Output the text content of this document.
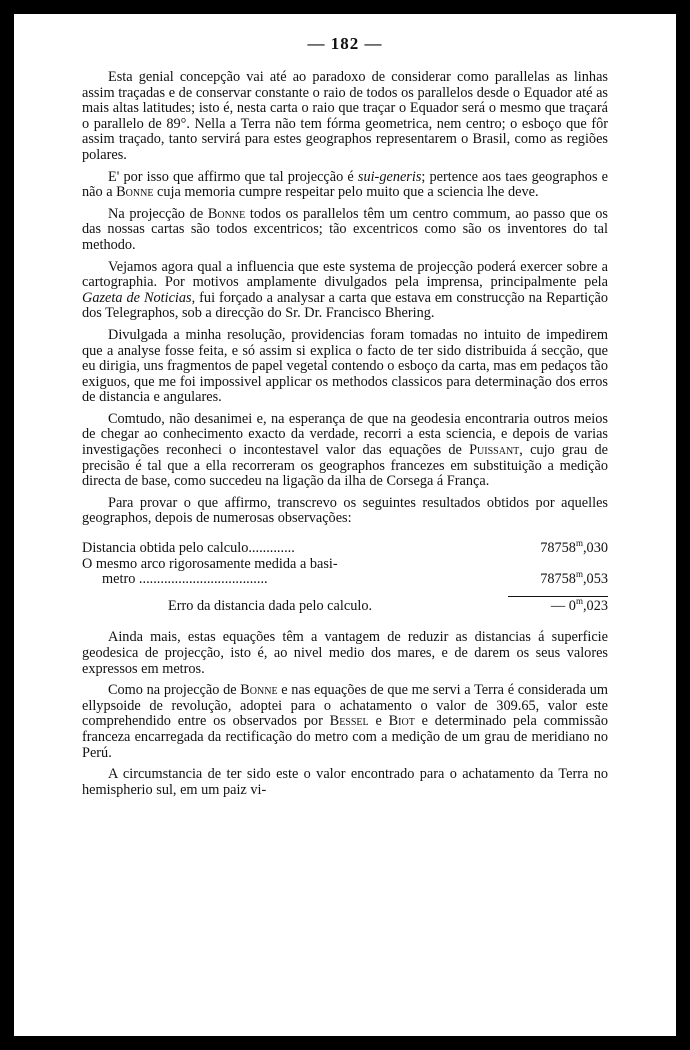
— 182 —

Esta genial concepção vai até ao paradoxo de considerar como parallelas as linhas assim traçadas e de conservar constante o raio de todos os parallelos desde o Equador até as mais altas latitudes; isto é, nesta carta o raio que traçar o Equador será o mesmo que traçará o parallelo de 89°. Nella a Terra não tem fórma geometrica, nem centro; o esboço que fôr assim traçado, tanto servirá para estes geographos representarem o Brasil, como as regiões polares.

E' por isso que affirmo que tal projecção é sui-generis; pertence aos taes geographos e não a Bonne cuja memoria cumpre respeitar pelo muito que a sciencia lhe deve.

Na projecção de Bonne todos os parallelos têm um centro commum, ao passo que os das nossas cartas são todos excentricos; tão excentricos como são os inventores do tal methodo.

Vejamos agora qual a influencia que este systema de projecção poderá exercer sobre a cartographia. Por motivos amplamente divulgados pela imprensa, principalmente pela Gazeta de Noticias, fui forçado a analysar a carta que estava em construcção na Repartição dos Telegraphos, sob a direcção do Sr. Dr. Francisco Bhering.

Divulgada a minha resolução, providencias foram tomadas no intuito de impedirem que a analyse fosse feita, e só assim si explica o facto de ter sido distribuida á secção, que eu dirigia, uns fragmentos de papel vegetal contendo o esboço da carta, mas em pedaços tão exiguos, que me foi impossivel applicar os methodos classicos para determinação dos erros de distancia e angulares.

Comtudo, não desanimei e, na esperança de que na geodesia encontraria outros meios de chegar ao conhecimento exacto da verdade, recorri a esta sciencia, e depois de varias investigações reconheci o incontestavel valor das equações de Puissant, cujo grau de precisão é tal que a ella recorreram os geographos francezes em substituição a medição directa de base, como succedeu na ligação da ilha de Corsega á França.

Para provar o que affirmo, transcrevo os seguintes resultados obtidos por aquelles geographos, depois de numerosas observações:

Distancia obtida pelo calculo.............	78758$^m$,030
O mesmo arco rigorosamente medida a basi-
metro ....................................	78758$^m$,053
Erro da distancia dada pelo calculo.	— 0$^m$,023

Ainda mais, estas equações têm a vantagem de reduzir as distancias á superficie geodesica de projecção, isto é, ao nivel medio dos mares, e de darem os seus valores expressos em metros.

Como na projecção de Bonne e nas equações de que me servi a Terra é considerada um ellypsoide de revolução, adoptei para o achatamento o valor de 309.65, valor este comprehendido entre os observados por Bessel e Biot e determinado pela commissão franceza encarregada da rectificação do metro com a medição de um grau de meridiano no Perú.

A circumstancia de ter sido este o valor encontrado para o achatamento da Terra no hemispherio sul, em um paiz vi-
